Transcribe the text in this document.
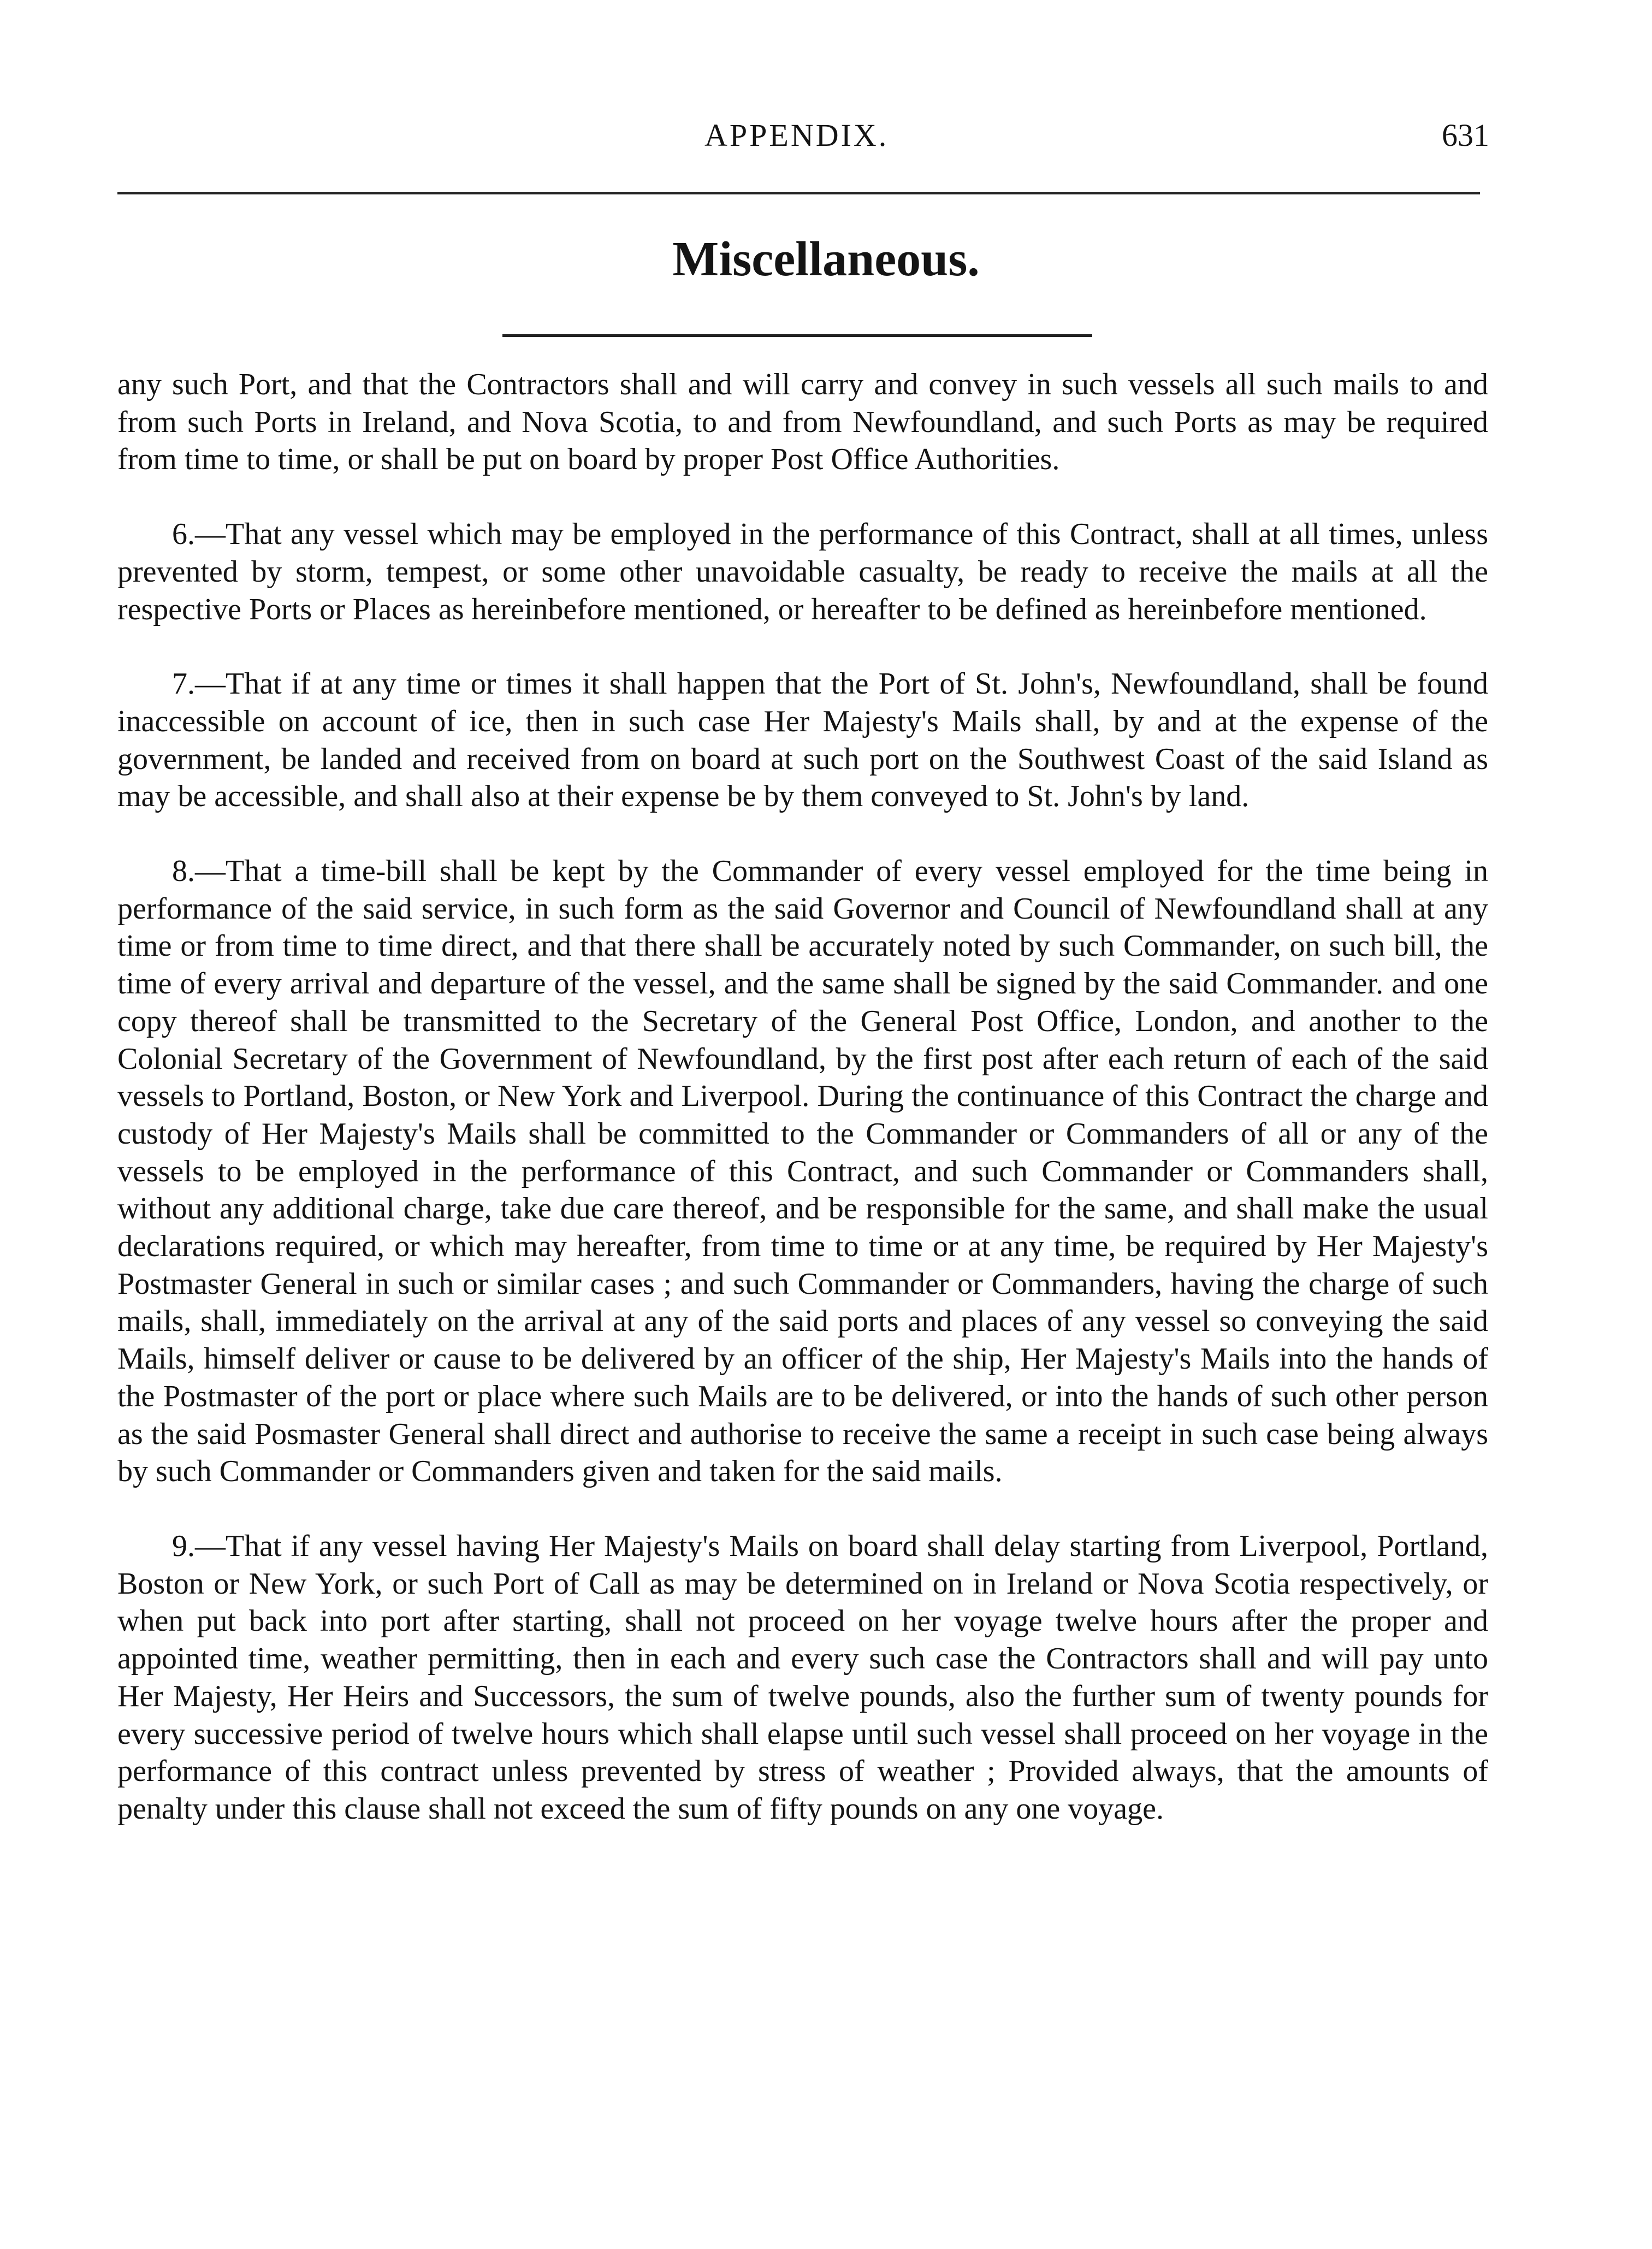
APPENDIX.	631
Miscellaneous.

any such Port, and that the Contractors shall and will carry and convey in such vessels all such mails to and from such Ports in Ireland, and Nova Scotia, to and from Newfoundland, and such Ports as may be required from time to time, or shall be put on board by proper Post Office Authorities.

6.—That any vessel which may be employed in the performance of this Contract, shall at all times, unless prevented by storm, tempest, or some other unavoidable casualty, be ready to receive the mails at all the respective Ports or Places as hereinbefore mentioned, or hereafter to be defined as hereinbefore mentioned.

7.—That if at any time or times it shall happen that the Port of St. John's, Newfoundland, shall be found inaccessible on account of ice, then in such case Her Majesty's Mails shall, by and at the expense of the government, be landed and received from on board at such port on the Southwest Coast of the said Island as may be accessible, and shall also at their expense be by them conveyed to St. John's by land.

8.—That a time-bill shall be kept by the Commander of every vessel employed for the time being in performance of the said service, in such form as the said Governor and Council of Newfoundland shall at any time or from time to time direct, and that there shall be accurately noted by such Commander, on such bill, the time of every arrival and departure of the vessel, and the same shall be signed by the said Commander. and one copy thereof shall be transmitted to the Secretary of the General Post Office, London, and another to the Colonial Secretary of the Government of Newfoundland, by the first post after each return of each of the said vessels to Portland, Boston, or New York and Liverpool. During the continuance of this Contract the charge and custody of Her Majesty's Mails shall be committed to the Commander or Commanders of all or any of the vessels to be employed in the performance of this Contract, and such Commander or Commanders shall, without any additional charge, take due care thereof, and be responsible for the same, and shall make the usual declarations required, or which may hereafter, from time to time or at any time, be required by Her Majesty's Postmaster General in such or similar cases ; and such Commander or Commanders, having the charge of such mails, shall, immediately on the arrival at any of the said ports and places of any vessel so conveying the said Mails, himself deliver or cause to be delivered by an officer of the ship, Her Majesty's Mails into the hands of the Postmaster of the port or place where such Mails are to be delivered, or into the hands of such other person as the said Posmaster General shall direct and authorise to receive the same a receipt in such case being always by such Commander or Commanders given and taken for the said mails.

9.—That if any vessel having Her Majesty's Mails on board shall delay starting from Liverpool, Portland, Boston or New York, or such Port of Call as may be determined on in Ireland or Nova Scotia respectively, or when put back into port after starting, shall not proceed on her voyage twelve hours after the proper and appointed time, weather permitting, then in each and every such case the Contractors shall and will pay unto Her Majesty, Her Heirs and Successors, the sum of twelve pounds, also the further sum of twenty pounds for every successive period of twelve hours which shall elapse until such vessel shall proceed on her voyage in the performance of this contract unless prevented by stress of weather ; Provided always, that the amounts of penalty under this clause shall not exceed the sum of fifty pounds on any one voyage.
